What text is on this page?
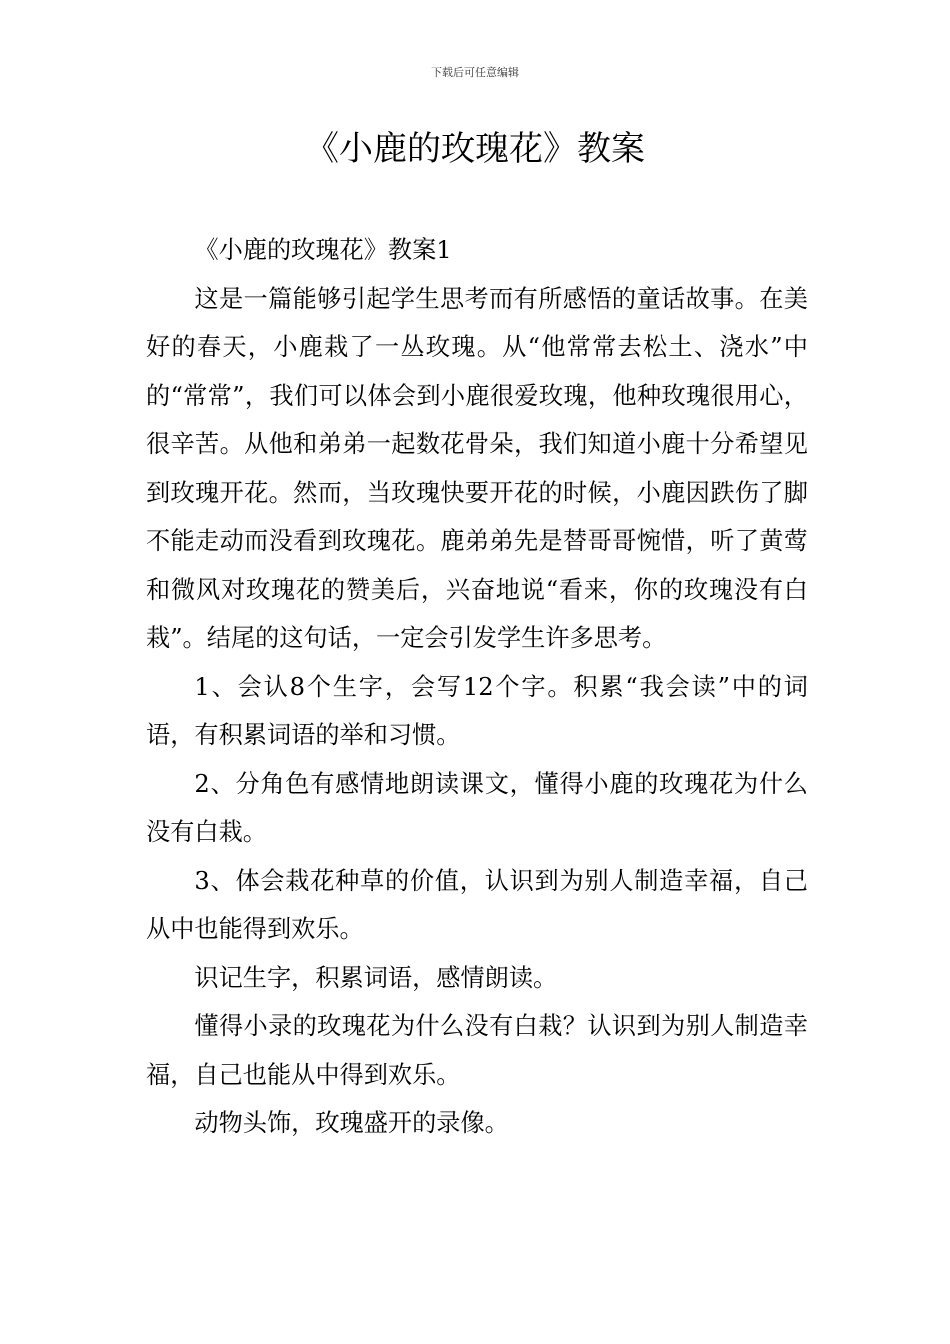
下载后可任意编辑
《小鹿的玫瑰花》教案

《小鹿的玫瑰花》教案1

这是一篇能够引起学生思考而有所感悟的童话故事。在美好的春天，小鹿栽了一丛玫瑰。从“他常常去松土、浇水”中的“常常”，我们可以体会到小鹿很爱玫瑰，他种玫瑰很用心，很辛苦。从他和弟弟一起数花骨朵，我们知道小鹿十分希望见到玫瑰开花。然而，当玫瑰快要开花的时候，小鹿因跌伤了脚不能走动而没看到玫瑰花。鹿弟弟先是替哥哥惋惜，听了黄莺和微风对玫瑰花的赞美后，兴奋地说“看来，你的玫瑰没有白栽”。结尾的这句话，一定会引发学生许多思考。

1、会认8个生字，会写12个字。积累“我会读”中的词语，有积累词语的举和习惯。

2、分角色有感情地朗读课文，懂得小鹿的玫瑰花为什么没有白栽。

3、体会栽花种草的价值，认识到为别人制造幸福，自己从中也能得到欢乐。

识记生字，积累词语，感情朗读。

懂得小录的玫瑰花为什么没有白栽？认识到为别人制造幸福，自己也能从中得到欢乐。

动物头饰，玫瑰盛开的录像。
